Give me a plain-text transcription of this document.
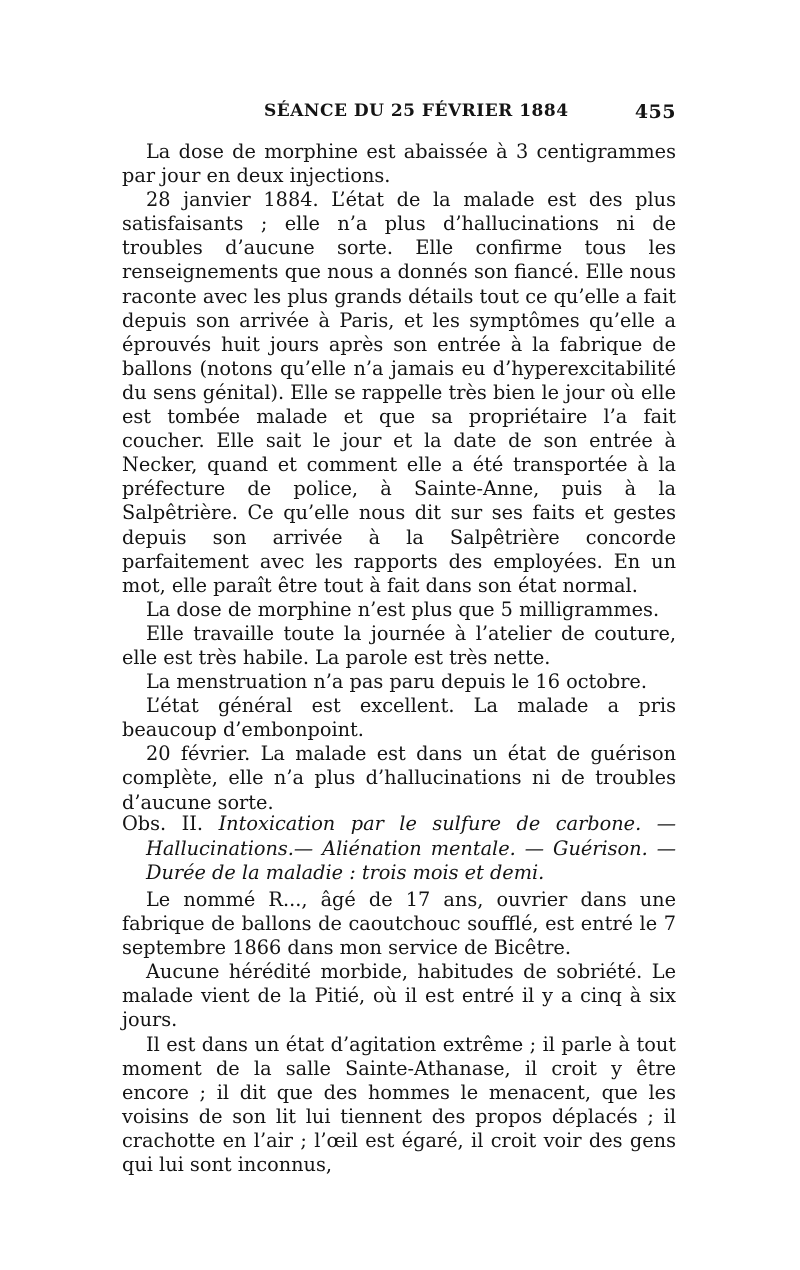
SÉANCE DU 25 FÉVRIER 1884	455

La dose de morphine est abaissée à 3 centigrammes par jour en deux injections.

28 janvier 1884. L’état de la malade est des plus satisfaisants ; elle n’a plus d’hallucinations ni de troubles d’aucune sorte. Elle confirme tous les renseignements que nous a donnés son fiancé. Elle nous raconte avec les plus grands détails tout ce qu’elle a fait depuis son arrivée à Paris, et les symptômes qu’elle a éprouvés huit jours après son entrée à la fabrique de ballons (notons qu’elle n’a jamais eu d’hyperexcitabilité du sens génital). Elle se rappelle très bien le jour où elle est tombée malade et que sa propriétaire l’a fait coucher. Elle sait le jour et la date de son entrée à Necker, quand et comment elle a été transportée à la préfecture de police, à Sainte-Anne, puis à la Salpêtrière. Ce qu’elle nous dit sur ses faits et gestes depuis son arrivée à la Salpêtrière concorde parfaitement avec les rapports des employées. En un mot, elle paraît être tout à fait dans son état normal.

La dose de morphine n’est plus que 5 milligrammes.

Elle travaille toute la journée à l’atelier de couture, elle est très habile. La parole est très nette.

La menstruation n’a pas paru depuis le 16 octobre.

L’état général est excellent. La malade a pris beaucoup d’embonpoint.

20 février. La malade est dans un état de guérison complète, elle n’a plus d’hallucinations ni de troubles d’aucune sorte.

Obs. II. Intoxication par le sulfure de carbone. —Hallucinations.— Aliénation mentale. — Guérison. — Durée de la maladie : trois mois et demi.

Le nommé R..., âgé de 17 ans, ouvrier dans une fabrique de ballons de caoutchouc soufflé, est entré le 7 septembre 1866 dans mon service de Bicêtre.

Aucune hérédité morbide, habitudes de sobriété. Le malade vient de la Pitié, où il est entré il y a cinq à six jours.

Il est dans un état d’agitation extrême ; il parle à tout moment de la salle Sainte-Athanase, il croit y être encore ; il dit que des hommes le menacent, que les voisins de son lit lui tiennent des propos déplacés ; il crachotte en l’air ; l’œil est égaré, il croit voir des gens qui lui sont inconnus,
